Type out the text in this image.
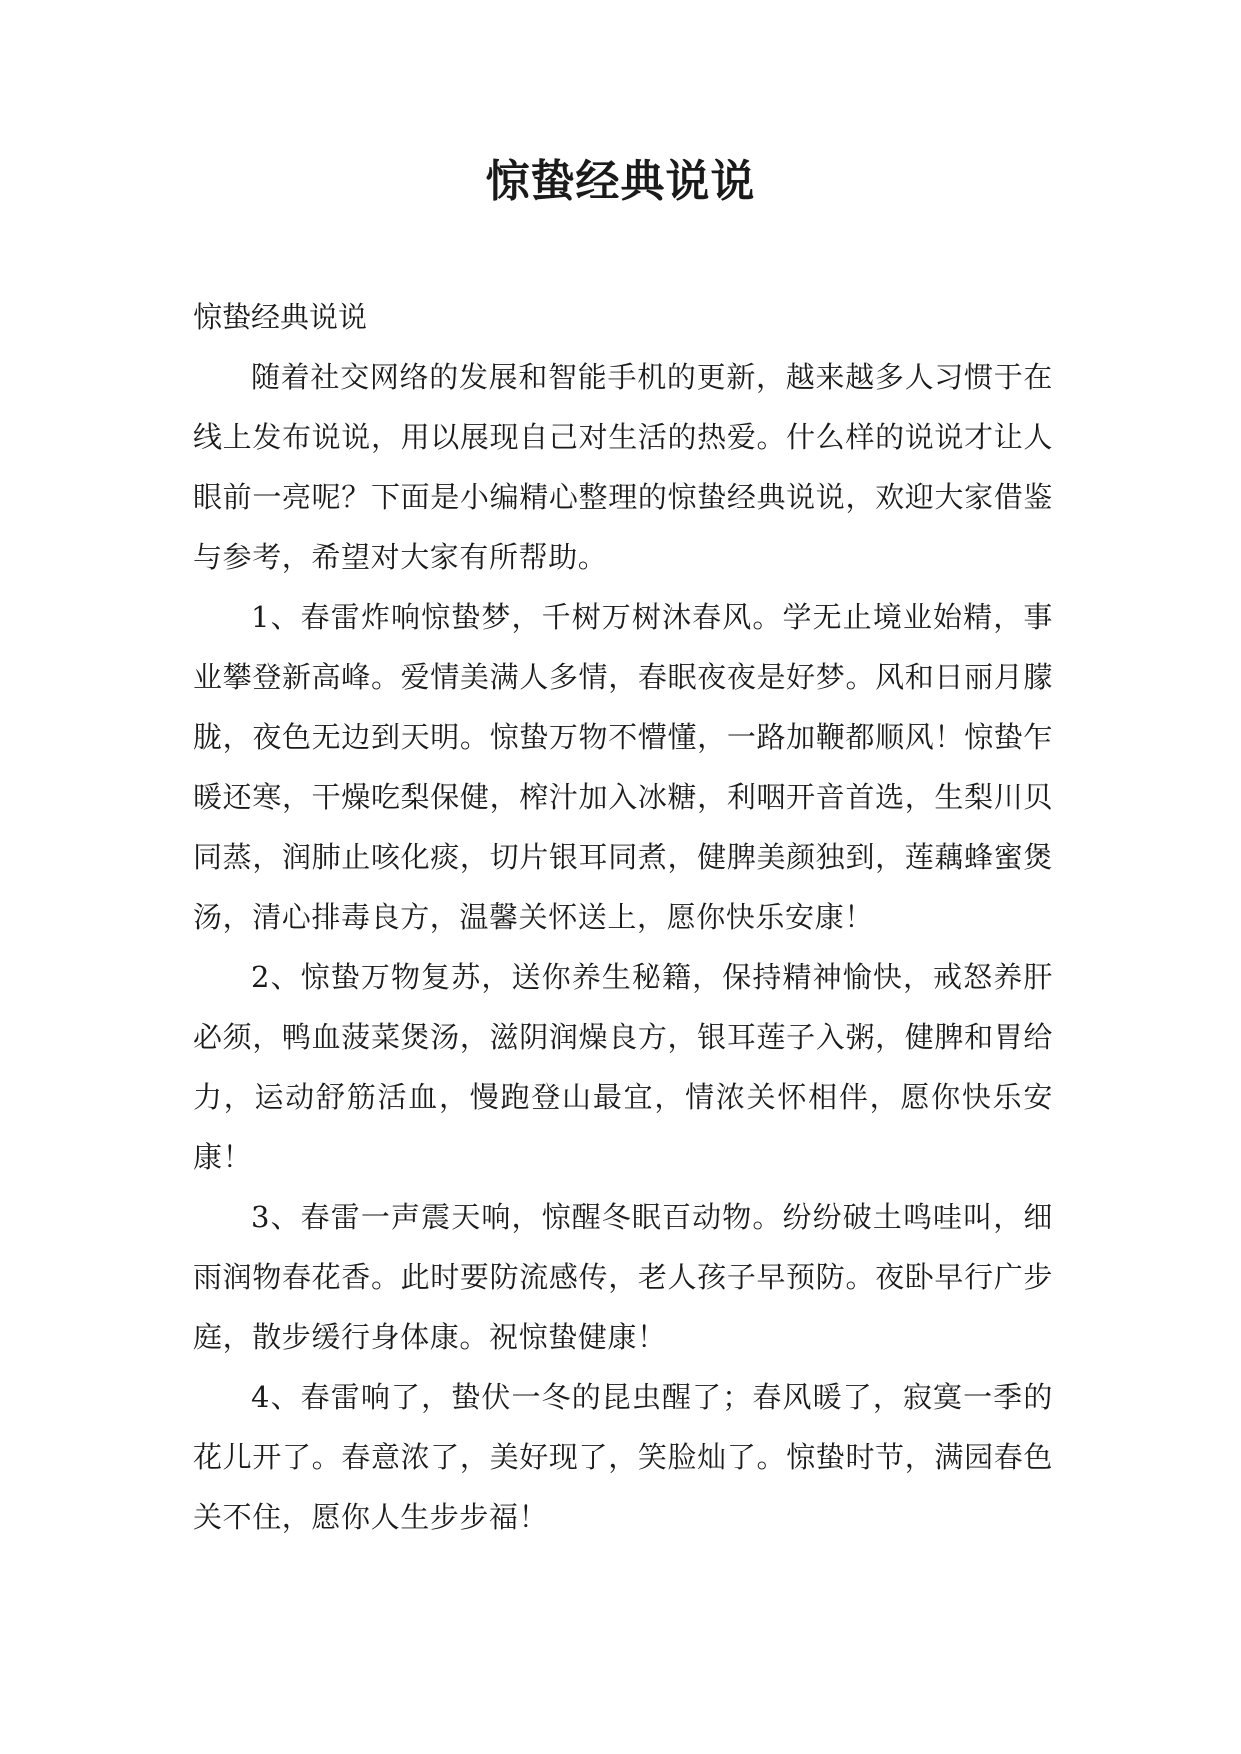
惊蛰经典说说

惊蛰经典说说

随着社交网络的发展和智能手机的更新，越来越多人习惯于在线上发布说说，用以展现自己对生活的热爱。什么样的说说才让人眼前一亮呢？下面是小编精心整理的惊蛰经典说说，欢迎大家借鉴与参考，希望对大家有所帮助。

1、春雷炸响惊蛰梦，千树万树沐春风。学无止境业始精，事业攀登新高峰。爱情美满人多情，春眠夜夜是好梦。风和日丽月朦胧，夜色无边到天明。惊蛰万物不懵懂，一路加鞭都顺风！惊蛰乍暖还寒，干燥吃梨保健，榨汁加入冰糖，利咽开音首选，生梨川贝同蒸，润肺止咳化痰，切片银耳同煮，健脾美颜独到，莲藕蜂蜜煲汤，清心排毒良方，温馨关怀送上，愿你快乐安康！

2、惊蛰万物复苏，送你养生秘籍，保持精神愉快，戒怒养肝必须，鸭血菠菜煲汤，滋阴润燥良方，银耳莲子入粥，健脾和胃给力，运动舒筋活血，慢跑登山最宜，情浓关怀相伴，愿你快乐安康！

3、春雷一声震天响，惊醒冬眠百动物。纷纷破土鸣哇叫，细雨润物春花香。此时要防流感传，老人孩子早预防。夜卧早行广步庭，散步缓行身体康。祝惊蛰健康！

4、春雷响了，蛰伏一冬的昆虫醒了；春风暖了，寂寞一季的花儿开了。春意浓了，美好现了，笑脸灿了。惊蛰时节，满园春色关不住，愿你人生步步福！
